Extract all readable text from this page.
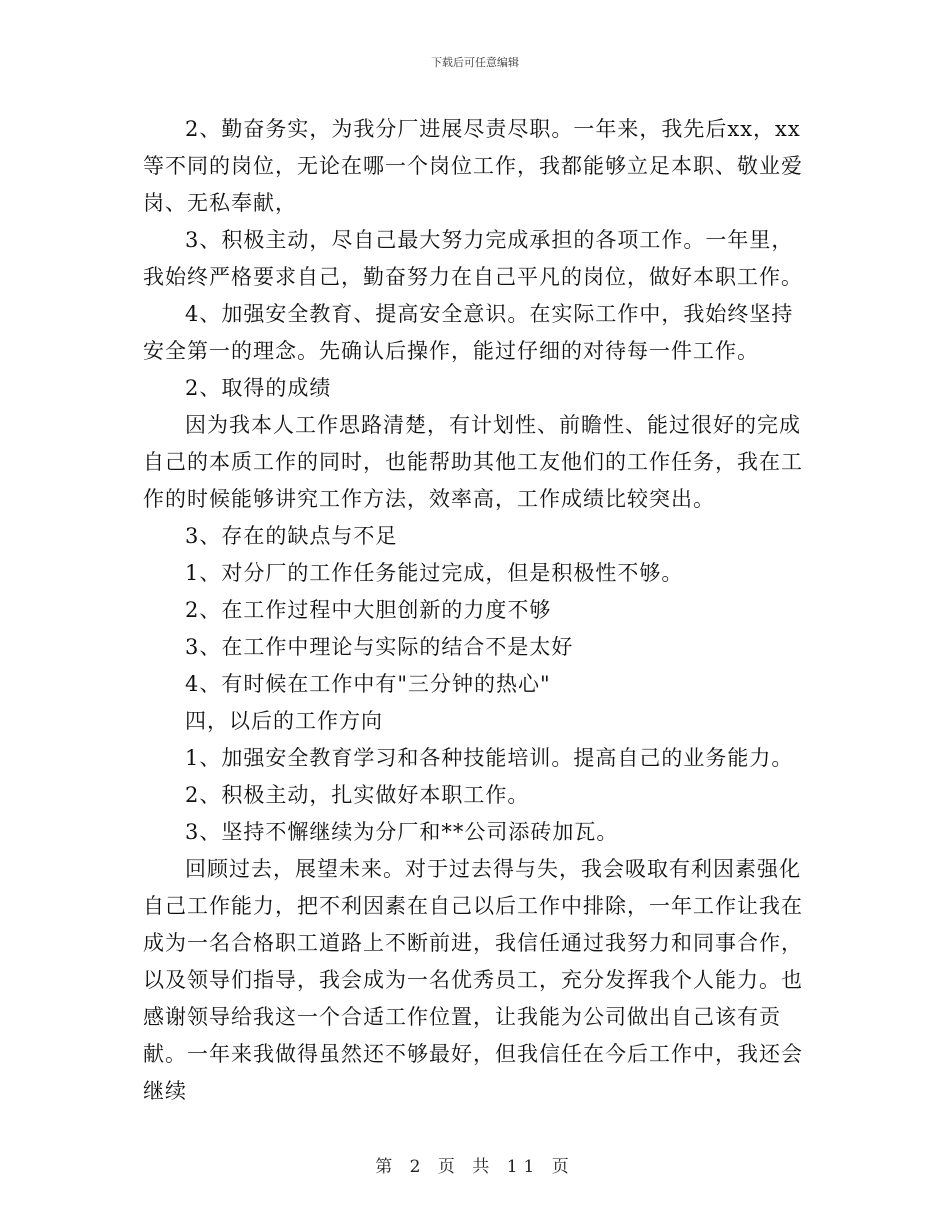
下载后可任意编辑

2、勤奋务实，为我分厂进展尽责尽职。一年来，我先后xx，xx等不同的岗位，无论在哪一个岗位工作，我都能够立足本职、敬业爱岗、无私奉献，

3、积极主动，尽自己最大努力完成承担的各项工作。一年里，我始终严格要求自己，勤奋努力在自己平凡的岗位，做好本职工作。

4、加强安全教育、提高安全意识。在实际工作中，我始终坚持安全第一的理念。先确认后操作，能过仔细的对待每一件工作。

2、取得的成绩

因为我本人工作思路清楚，有计划性、前瞻性、能过很好的完成自己的本质工作的同时，也能帮助其他工友他们的工作任务，我在工作的时候能够讲究工作方法，效率高，工作成绩比较突出。

3、存在的缺点与不足

1、对分厂的工作任务能过完成，但是积极性不够。

2、在工作过程中大胆创新的力度不够

3、在工作中理论与实际的结合不是太好

4、有时候在工作中有"三分钟的热心"

四，以后的工作方向

1、加强安全教育学习和各种技能培训。提高自己的业务能力。

2、积极主动，扎实做好本职工作。

3、坚持不懈继续为分厂和**公司添砖加瓦。

回顾过去，展望未来。对于过去得与失，我会吸取有利因素强化自己工作能力，把不利因素在自己以后工作中排除，一年工作让我在成为一名合格职工道路上不断前进，我信任通过我努力和同事合作，以及领导们指导，我会成为一名优秀员工，充分发挥我个人能力。也感谢领导给我这一个合适工作位置，让我能为公司做出自己该有贡献。一年来我做得虽然还不够最好，但我信任在今后工作中，我还会继续

第 2 页 共 11 页
